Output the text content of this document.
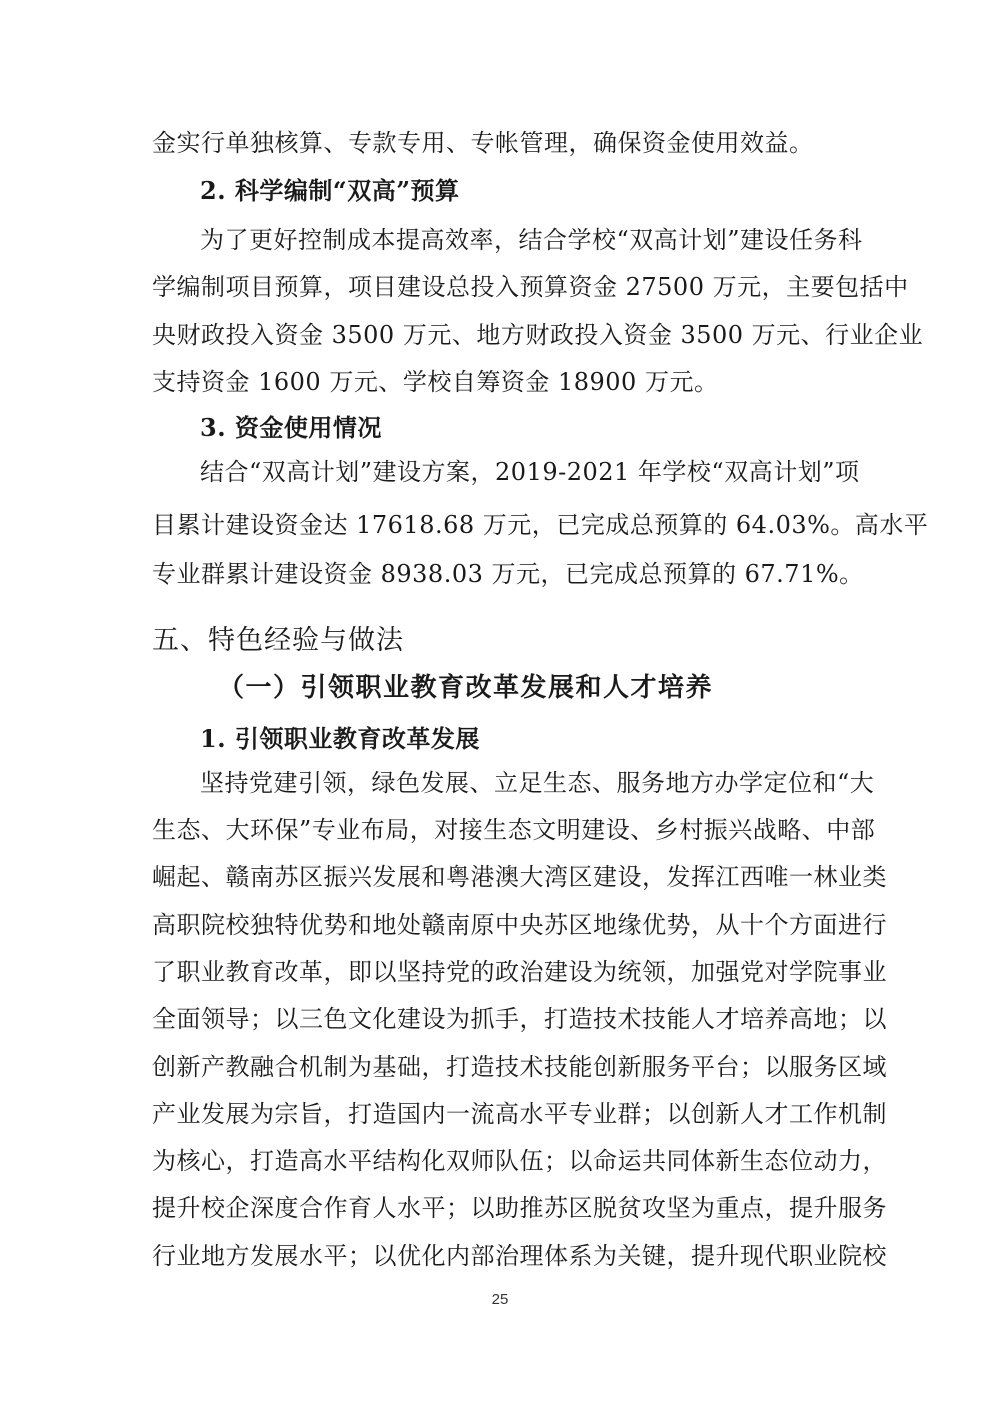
金实行单独核算、专款专用、专帐管理，确保资金使用效益。
2. 科学编制“双高”预算
为了更好控制成本提高效率，结合学校“双高计划”建设任务科
学编制项目预算，项目建设总投入预算资金 27500 万元，主要包括中
央财政投入资金 3500 万元、地方财政投入资金 3500 万元、行业企业
支持资金 1600 万元、学校自筹资金 18900 万元。
3. 资金使用情况
结合“双高计划”建设方案，2019-2021 年学校“双高计划”项
目累计建设资金达 17618.68 万元，已完成总预算的 64.03%。高水平
专业群累计建设资金 8938.03 万元，已完成总预算的 67.71%。
五、特色经验与做法
（一）引领职业教育改革发展和人才培养
1. 引领职业教育改革发展
坚持党建引领，绿色发展、立足生态、服务地方办学定位和“大
生态、大环保”专业布局，对接生态文明建设、乡村振兴战略、中部
崛起、赣南苏区振兴发展和粤港澳大湾区建设，发挥江西唯一林业类
高职院校独特优势和地处赣南原中央苏区地缘优势，从十个方面进行
了职业教育改革，即以坚持党的政治建设为统领，加强党对学院事业
全面领导；以三色文化建设为抓手，打造技术技能人才培养高地；以
创新产教融合机制为基础，打造技术技能创新服务平台；以服务区域
产业发展为宗旨，打造国内一流高水平专业群；以创新人才工作机制
为核心，打造高水平结构化双师队伍；以命运共同体新生态位动力，
提升校企深度合作育人水平；以助推苏区脱贫攻坚为重点，提升服务
行业地方发展水平；以优化内部治理体系为关键，提升现代职业院校
25
